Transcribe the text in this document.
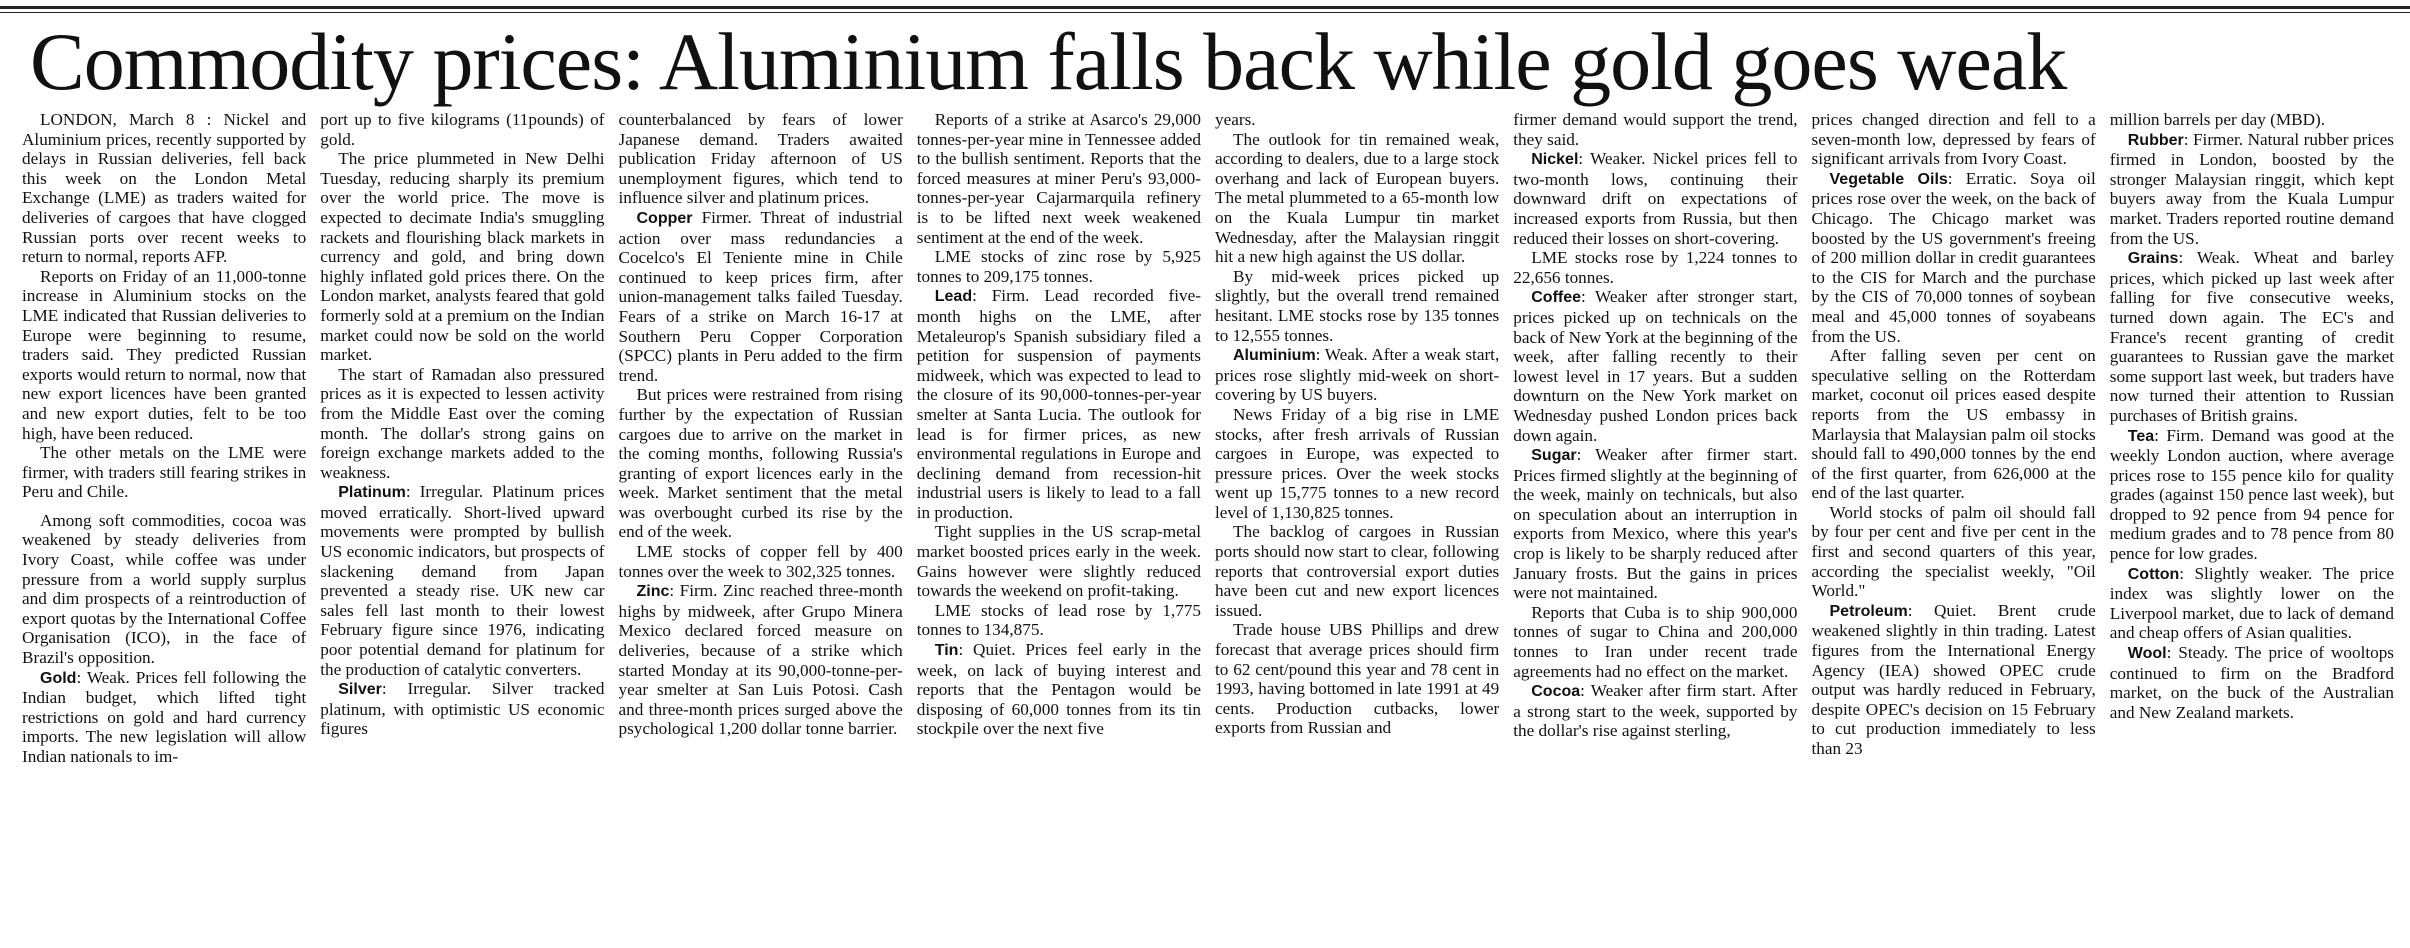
Commodity prices: Aluminium falls back while gold goes weak

LONDON, March 8 : Nickel and Aluminium prices, recently supported by delays in Russian deliveries, fell back this week on the London Metal Exchange (LME) as traders waited for deliveries of cargoes that have clogged Russian ports over recent weeks to return to normal, reports AFP.

Reports on Friday of an 11,000-tonne increase in Aluminium stocks on the LME indicated that Russian deliveries to Europe were beginning to resume, traders said. They predicted Russian exports would return to normal, now that new export licences have been granted and new export duties, felt to be too high, have been reduced.

The other metals on the LME were firmer, with traders still fearing strikes in Peru and Chile.

Among soft commodities, cocoa was weakened by steady deliveries from Ivory Coast, while coffee was under pressure from a world supply surplus and dim prospects of a reintroduction of export quotas by the International Coffee Organisation (ICO), in the face of Brazil's opposition.

Gold: Weak. Prices fell following the Indian budget, which lifted tight restrictions on gold and hard currency imports. The new legislation will allow Indian nationals to im-

port up to five kilograms (11pounds) of gold.

The price plummeted in New Delhi Tuesday, reducing sharply its premium over the world price. The move is expected to decimate India's smuggling rackets and flourishing black markets in currency and gold, and bring down highly inflated gold prices there. On the London market, analysts feared that gold formerly sold at a premium on the Indian market could now be sold on the world market.

The start of Ramadan also pressured prices as it is expected to lessen activity from the Middle East over the coming month. The dollar's strong gains on foreign exchange markets added to the weakness.

Platinum: Irregular. Platinum prices moved erratically. Short-lived upward movements were prompted by bullish US economic indicators, but prospects of slackening demand from Japan prevented a steady rise. UK new car sales fell last month to their lowest February figure since 1976, indicating poor potential demand for platinum for the production of catalytic converters.

Silver: Irregular. Silver tracked platinum, with optimistic US economic figures

counterbalanced by fears of lower Japanese demand. Traders awaited publication Friday afternoon of US unemployment figures, which tend to influence silver and platinum prices.

Copper Firmer. Threat of industrial action over mass redundancies a Cocelco's El Teniente mine in Chile continued to keep prices firm, after union-management talks failed Tuesday. Fears of a strike on March 16-17 at Southern Peru Copper Corporation (SPCC) plants in Peru added to the firm trend.

But prices were restrained from rising further by the expectation of Russian cargoes due to arrive on the market in the coming months, following Russia's granting of export licences early in the week. Market sentiment that the metal was overbought curbed its rise by the end of the week.

LME stocks of copper fell by 400 tonnes over the week to 302,325 tonnes.

Zinc: Firm. Zinc reached three-month highs by midweek, after Grupo Minera Mexico declared forced measure on deliveries, because of a strike which started Monday at its 90,000-tonne-per-year smelter at San Luis Potosi. Cash and three-month prices surged above the psychological 1,200 dollar tonne barrier.

Reports of a strike at Asarco's 29,000 tonnes-per-year mine in Tennessee added to the bullish sentiment. Reports that the forced measures at miner Peru's 93,000-tonnes-per-year Cajarmarquila refinery is to be lifted next week weakened sentiment at the end of the week.

LME stocks of zinc rose by 5,925 tonnes to 209,175 tonnes.

Lead: Firm. Lead recorded five-month highs on the LME, after Metaleurop's Spanish subsidiary filed a petition for suspension of payments midweek, which was expected to lead to the closure of its 90,000-tonnes-per-year smelter at Santa Lucia. The outlook for lead is for firmer prices, as new environmental regulations in Europe and declining demand from recession-hit industrial users is likely to lead to a fall in production.

Tight supplies in the US scrap-metal market boosted prices early in the week. Gains however were slightly reduced towards the weekend on profit-taking.

LME stocks of lead rose by 1,775 tonnes to 134,875.

Tin: Quiet. Prices feel early in the week, on lack of buying interest and reports that the Pentagon would be disposing of 60,000 tonnes from its tin stockpile over the next five

years.

The outlook for tin remained weak, according to dealers, due to a large stock overhang and lack of European buyers. The metal plummeted to a 65-month low on the Kuala Lumpur tin market Wednesday, after the Malaysian ringgit hit a new high against the US dollar.

By mid-week prices picked up slightly, but the overall trend remained hesitant. LME stocks rose by 135 tonnes to 12,555 tonnes.

Aluminium: Weak. After a weak start, prices rose slightly mid-week on short-covering by US buyers.

News Friday of a big rise in LME stocks, after fresh arrivals of Russian cargoes in Europe, was expected to pressure prices. Over the week stocks went up 15,775 tonnes to a new record level of 1,130,825 tonnes.

The backlog of cargoes in Russian ports should now start to clear, following reports that controversial export duties have been cut and new export licences issued.

Trade house UBS Phillips and drew forecast that average prices should firm to 62 cent/pound this year and 78 cent in 1993, having bottomed in late 1991 at 49 cents. Production cutbacks, lower exports from Russian and

firmer demand would support the trend, they said.

Nickel: Weaker. Nickel prices fell to two-month lows, continuing their downward drift on expectations of increased exports from Russia, but then reduced their losses on short-covering.

LME stocks rose by 1,224 tonnes to 22,656 tonnes.

Coffee: Weaker after stronger start, prices picked up on technicals on the back of New York at the beginning of the week, after falling recently to their lowest level in 17 years. But a sudden downturn on the New York market on Wednesday pushed London prices back down again.

Sugar: Weaker after firmer start. Prices firmed slightly at the beginning of the week, mainly on technicals, but also on speculation about an interruption in exports from Mexico, where this year's crop is likely to be sharply reduced after January frosts. But the gains in prices were not maintained.

Reports that Cuba is to ship 900,000 tonnes of sugar to China and 200,000 tonnes to Iran under recent trade agreements had no effect on the market.

Cocoa: Weaker after firm start. After a strong start to the week, supported by the dollar's rise against sterling,

prices changed direction and fell to a seven-month low, depressed by fears of significant arrivals from Ivory Coast.

Vegetable Oils: Erratic. Soya oil prices rose over the week, on the back of Chicago. The Chicago market was boosted by the US government's freeing of 200 million dollar in credit guarantees to the CIS for March and the purchase by the CIS of 70,000 tonnes of soybean meal and 45,000 tonnes of soyabeans from the US.

After falling seven per cent on speculative selling on the Rotterdam market, coconut oil prices eased despite reports from the US embassy in Marlaysia that Malaysian palm oil stocks should fall to 490,000 tonnes by the end of the first quarter, from 626,000 at the end of the last quarter.

World stocks of palm oil should fall by four per cent and five per cent in the first and second quarters of this year, according the specialist weekly, "Oil World."

Petroleum: Quiet. Brent crude weakened slightly in thin trading. Latest figures from the International Energy Agency (IEA) showed OPEC crude output was hardly reduced in February, despite OPEC's decision on 15 February to cut production immediately to less than 23

million barrels per day (MBD).

Rubber: Firmer. Natural rubber prices firmed in London, boosted by the stronger Malaysian ringgit, which kept buyers away from the Kuala Lumpur market. Traders reported routine demand from the US.

Grains: Weak. Wheat and barley prices, which picked up last week after falling for five consecutive weeks, turned down again. The EC's and France's recent granting of credit guarantees to Russian gave the market some support last week, but traders have now turned their attention to Russian purchases of British grains.

Tea: Firm. Demand was good at the weekly London auction, where average prices rose to 155 pence kilo for quality grades (against 150 pence last week), but dropped to 92 pence from 94 pence for medium grades and to 78 pence from 80 pence for low grades.

Cotton: Slightly weaker. The price index was slightly lower on the Liverpool market, due to lack of demand and cheap offers of Asian qualities.

Wool: Steady. The price of wooltops continued to firm on the Bradford market, on the buck of the Australian and New Zealand markets.
